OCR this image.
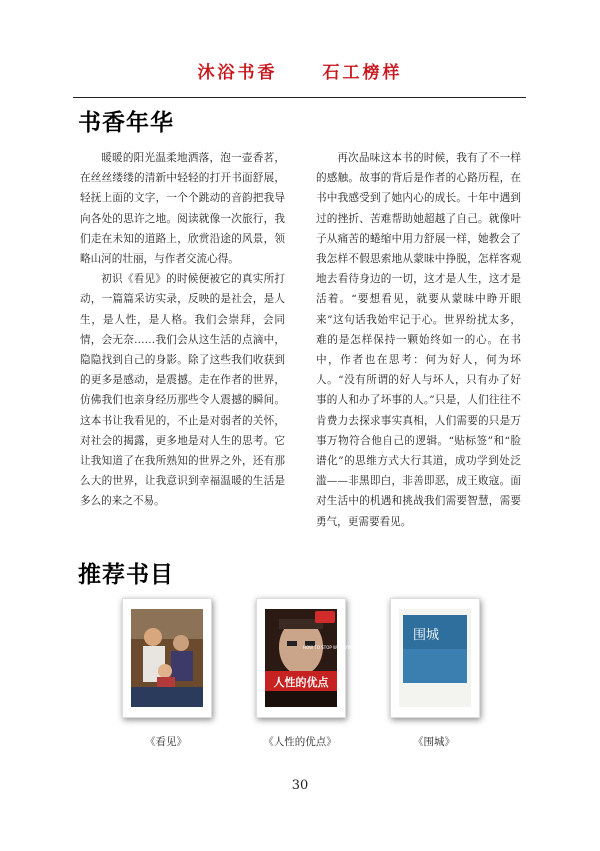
沐浴书香	石工榜样
书香年华

暖暖的阳光温柔地洒落，泡一壶香茗，在丝丝缕缕的清新中轻轻的打开书面舒展，轻抚上面的文字，一个个跳动的音韵把我导向各处的思许之地。阅读就像一次旅行，我们走在未知的道路上，欣赏沿途的风景，领略山河的壮丽，与作者交流心得。

初识《看见》的时候便被它的真实所打动，一篇篇采访实录，反映的是社会，是人生，是人性，是人格。我们会崇拜，会同情，会无奈……我们会从这生活的点滴中，隐隐找到自己的身影。除了这些我们收获到的更多是感动，是震撼。走在作者的世界，仿佛我们也亲身经历那些令人震撼的瞬间。这本书让我看见的，不止是对弱者的关怀，对社会的揭露，更多地是对人生的思考。它让我知道了在我所熟知的世界之外，还有那么大的世界，让我意识到幸福温暖的生活是多么的来之不易。

再次品味这本书的时候，我有了不一样的感触。故事的背后是作者的心路历程，在书中我感受到了她内心的成长。十年中遇到过的挫折、苦难帮助她超越了自己。就像叶子从痛苦的蜷缩中用力舒展一样，她教会了我怎样不假思索地从蒙昧中挣脱，怎样客观地去看待身边的一切，这才是人生，这才是活着。“要想看见，就要从蒙昧中睁开眼来”这句话我始牢记于心。世界纷扰太多，难的是怎样保持一颗始终如一的心。在书中，作者也在思考：何为好人，何为坏人。“没有所谓的好人与坏人，只有办了好事的人和办了坏事的人。”只是，人们往往不肯费力去探求事实真相，人们需要的只是万事万物符合他自己的逻辑。“贴标签”和“脸谱化”的思维方式大行其道，成功学到处泛滥——非黑即白，非善即恶，成王败寇。面对生活中的机遇和挑战我们需要智慧，需要勇气，更需要看见。

推荐书目
HOW TO STOP WORRYING & START LIVING
人性的优点
围城
《看见》	《人性的优点》	《围城》
30
